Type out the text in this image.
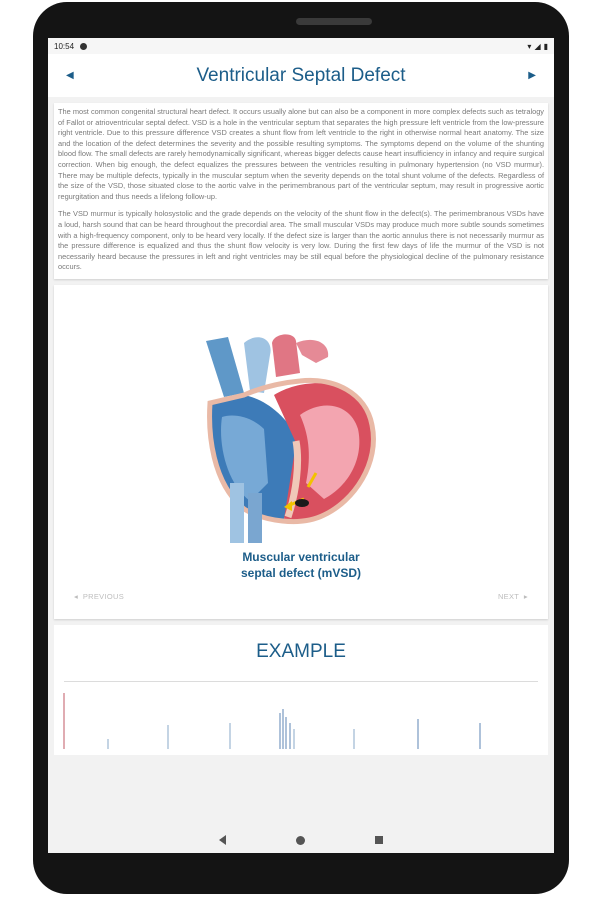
10:54	▾ ◢ ▮
◀	Ventricular Septal Defect	▶

The most common congenital structural heart defect. It occurs usually alone but can also be a component in more complex defects such as tetralogy of Fallot or atrioventricular septal defect. VSD is a hole in the ventricular septum that separates the high pressure left ventricle from the low-pressure right ventricle. Due to this pressure difference VSD creates a shunt flow from left ventricle to the right in otherwise normal heart anatomy. The size and the location of the defect determines the severity and the possible resulting symptoms. The symptoms depend on the volume of the shunting blood flow. The small defects are rarely hemodynamically significant, whereas bigger defects cause heart insufficiency in infancy and require surgical correction. When big enough, the defect equalizes the pressures between the ventricles resulting in pulmonary hypertension (no VSD murmur). There may be multiple defects, typically in the muscular septum when the severity depends on the total shunt volume of the defects. Regardless of the size of the VSD, those situated close to the aortic valve in the perimembranous part of the ventricular septum, may result in progressive aortic regurgitation and thus needs a lifelong follow-up.

The VSD murmur is typically holosystolic and the grade depends on the velocity of the shunt flow in the defect(s). The perimembranous VSDs have a loud, harsh sound that can be heard throughout the precordial area. The small muscular VSDs may produce much more subtle sounds sometimes with a high-frequency component, only to be heard very locally. If the defect size is larger than the aortic annulus there is not necessarily murmur as the pressure difference is equalized and thus the shunt flow velocity is very low. During the first few days of life the murmur of the VSD is not necessarily heard because the pressures in left and right ventricles may be still equal before the physiological decline of the pulmonary resistance occurs.

Muscular ventricular
septal defect (mVSD)
◂  PREVIOUS	NEXT  ▸
EXAMPLE
